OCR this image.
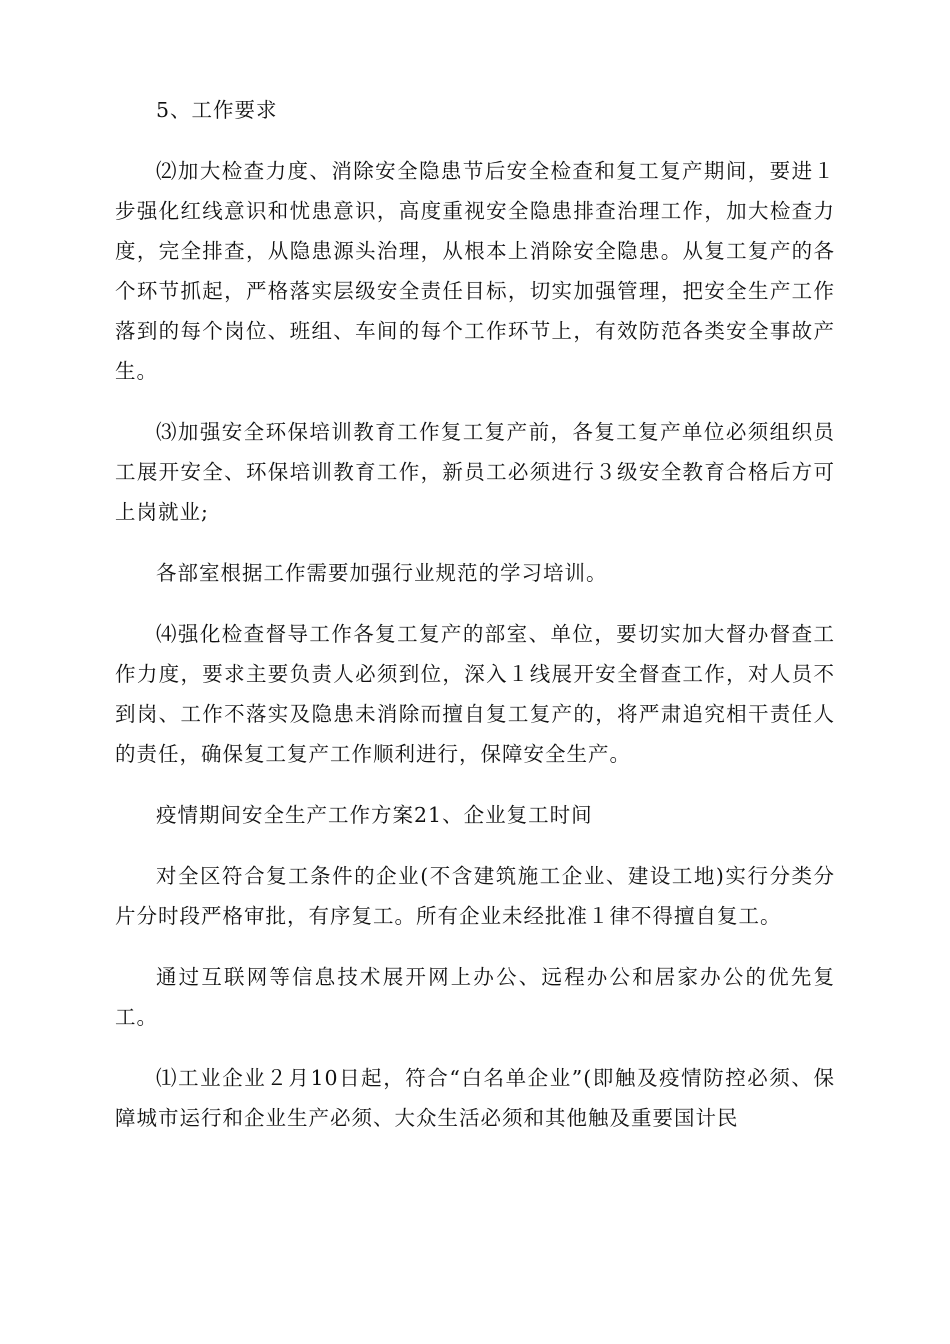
5、工作要求

⑵加大检查力度、消除安全隐患节后安全检查和复工复产期间，要进１步强化红线意识和忧患意识，高度重视安全隐患排查治理工作，加大检查力度，完全排查，从隐患源头治理，从根本上消除安全隐患。从复工复产的各个环节抓起，严格落实层级安全责任目标，切实加强管理，把安全生产工作落到的每个岗位、班组、车间的每个工作环节上，有效防范各类安全事故产生。

⑶加强安全环保培训教育工作复工复产前，各复工复产单位必须组织员工展开安全、环保培训教育工作，新员工必须进行３级安全教育合格后方可上岗就业;

各部室根据工作需要加强行业规范的学习培训。

⑷强化检查督导工作各复工复产的部室、单位，要切实加大督办督查工作力度，要求主要负责人必须到位，深入１线展开安全督查工作，对人员不到岗、工作不落实及隐患未消除而擅自复工复产的，将严肃追究相干责任人的责任，确保复工复产工作顺利进行，保障安全生产。

疫情期间安全生产工作方案21、企业复工时间

对全区符合复工条件的企业(不含建筑施工企业、建设工地)实行分类分片分时段严格审批，有序复工。所有企业未经批准１律不得擅自复工。

通过互联网等信息技术展开网上办公、远程办公和居家办公的优先复工。

⑴工业企业２月10日起，符合“白名单企业”(即触及疫情防控必须、保障城市运行和企业生产必须、大众生活必须和其他触及重要国计民
